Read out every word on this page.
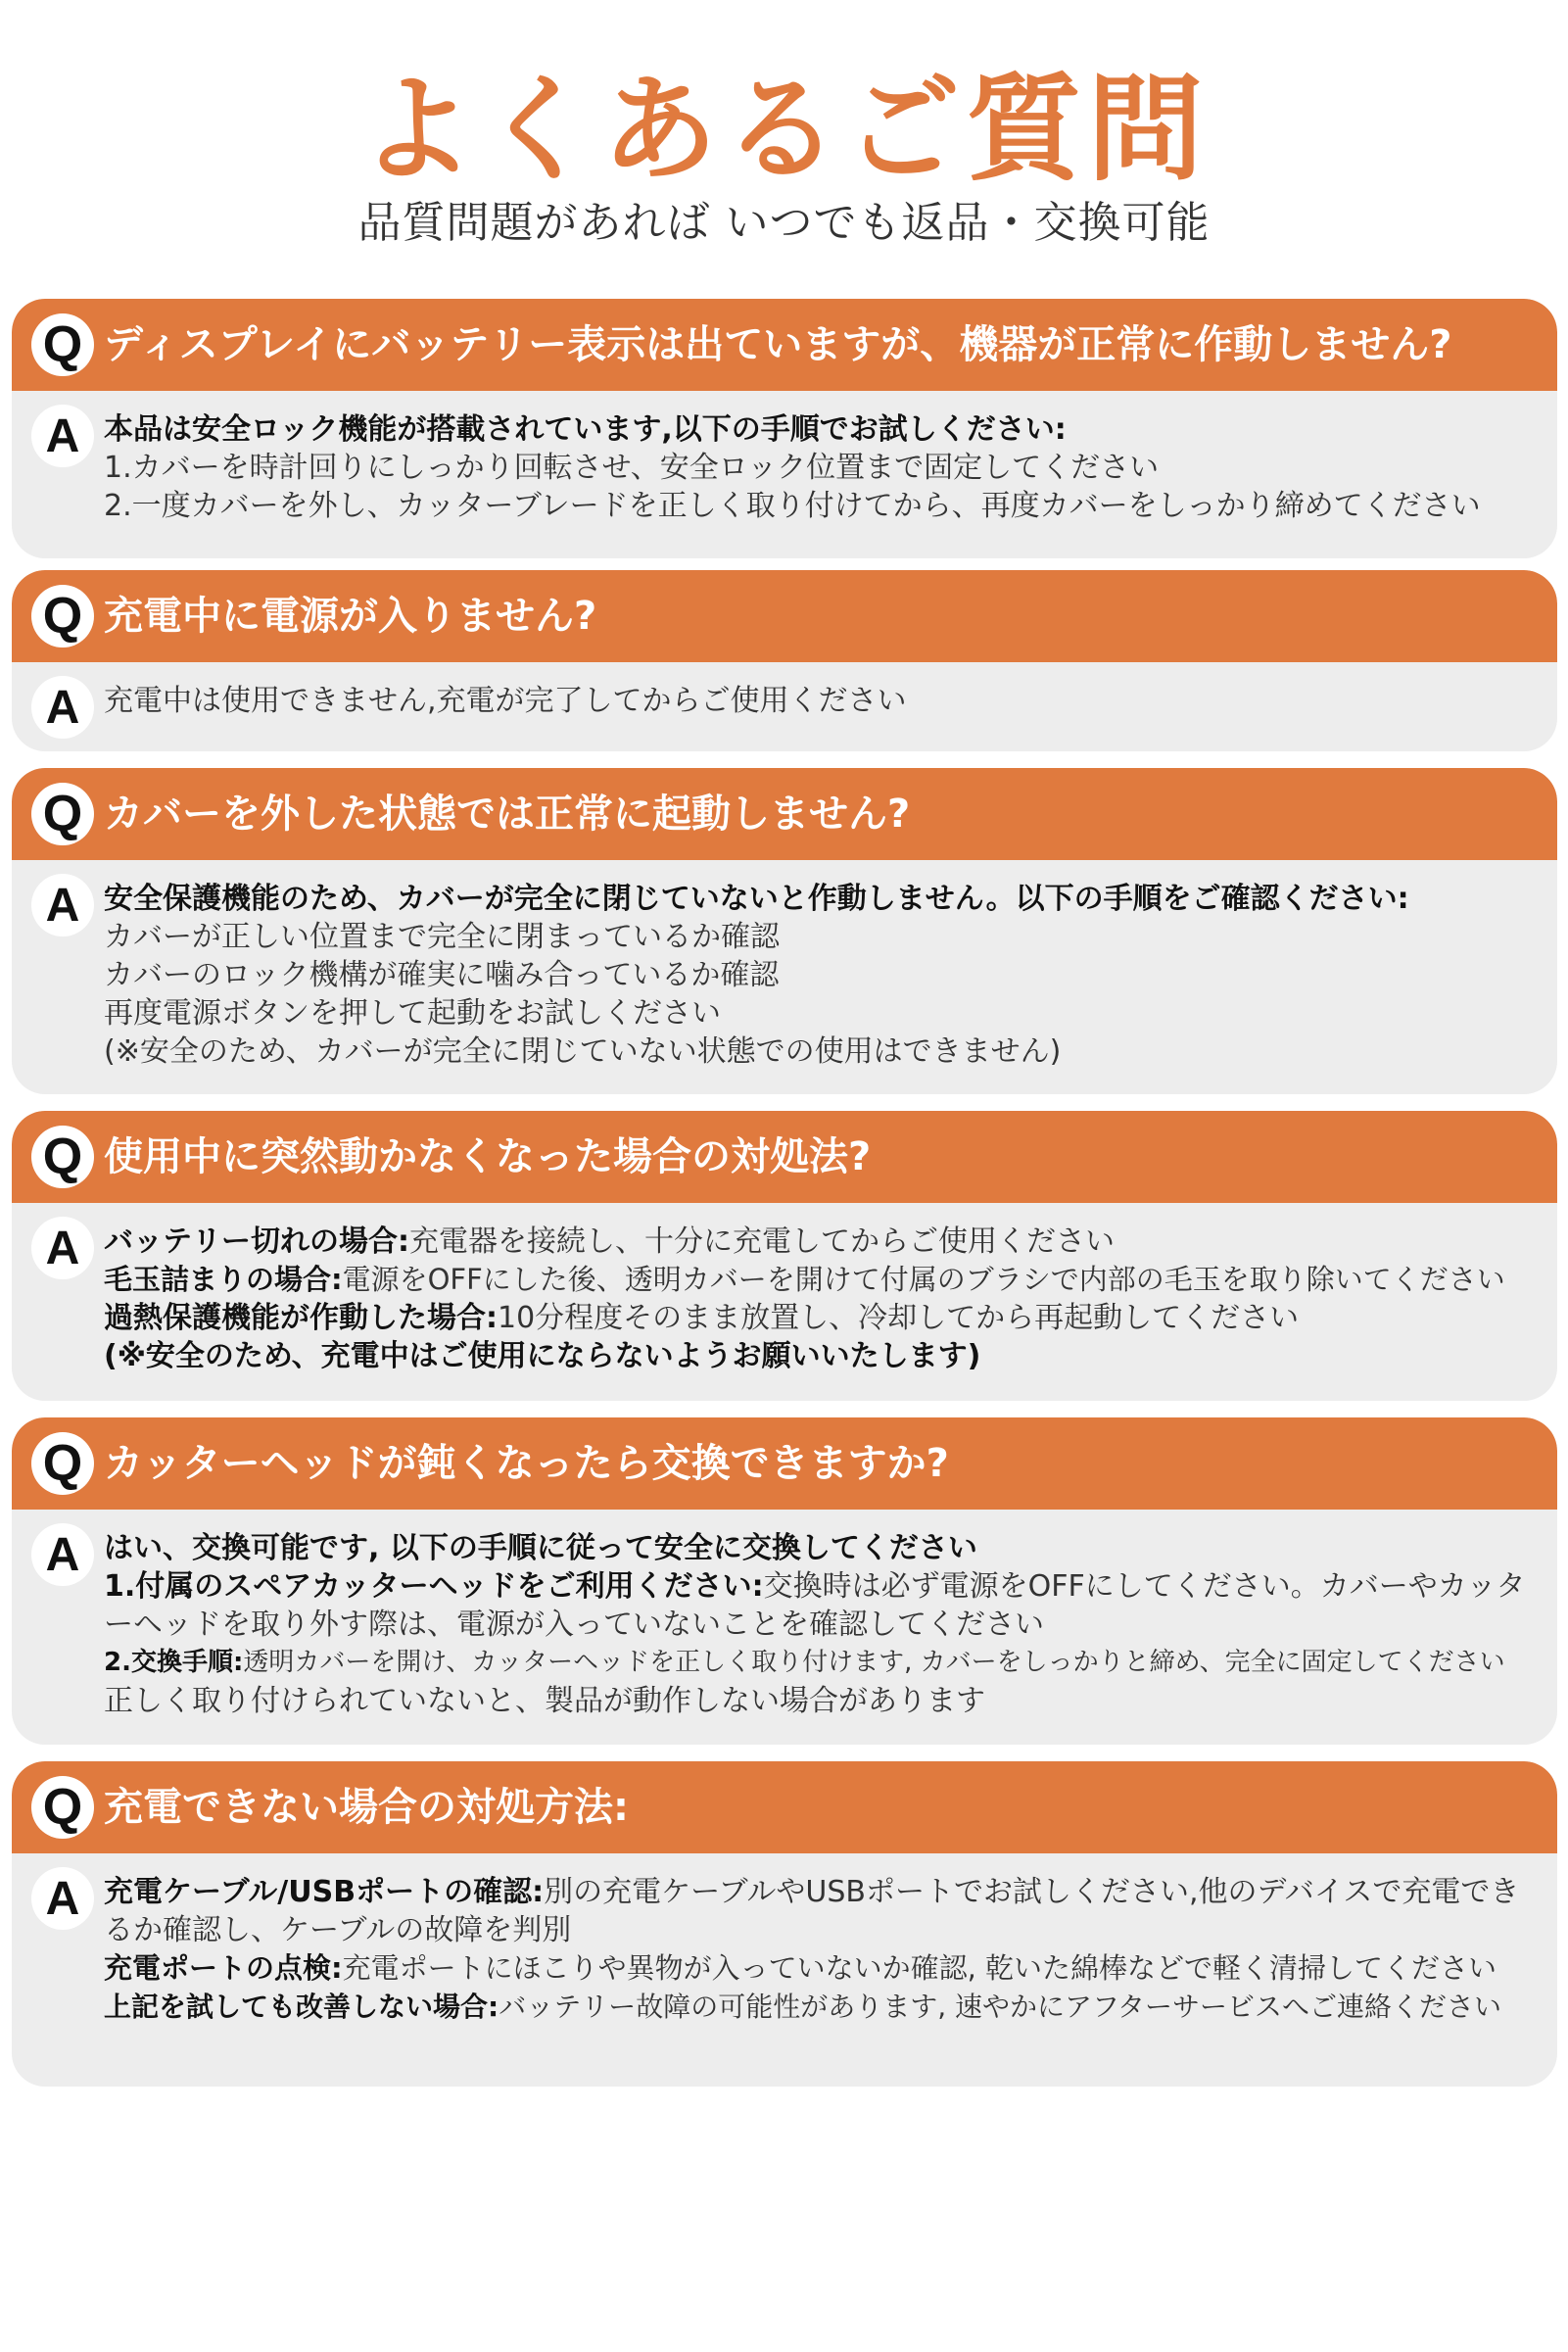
よくあるご質問
品質問題があれば いつでも返品・交換可能
Q ディスプレイにバッテリー表示は出ていますが、機器が正常に作動しません?
A 本品は安全ロック機能が搭載されています,以下の手順でお試しください:
1.カバーを時計回りにしっかり回転させ、安全ロック位置まで固定してください
2.一度カバーを外し、カッターブレードを正しく取り付けてから、再度カバーをしっかり締めてください
Q 充電中に電源が入りません?
A 充電中は使用できません,充電が完了してからご使用ください
Q カバーを外した状態では正常に起動しません?
A 安全保護機能のため、カバーが完全に閉じていないと作動しません。以下の手順をご確認ください:
カバーが正しい位置まで完全に閉まっているか確認
カバーのロック機構が確実に噛み合っているか確認
再度電源ボタンを押して起動をお試しください
(※安全のため、カバーが完全に閉じていない状態での使用はできません)
Q 使用中に突然動かなくなった場合の対処法?
A バッテリー切れの場合:充電器を接続し、十分に充電してからご使用ください
毛玉詰まりの場合:電源をOFFにした後、透明カバーを開けて付属のブラシで内部の毛玉を取り除いてください
過熱保護機能が作動した場合:10分程度そのまま放置し、冷却してから再起動してください
(※安全のため、充電中はご使用にならないようお願いいたします)
Q カッターヘッドが鈍くなったら交換できますか?
A はい、交換可能です, 以下の手順に従って安全に交換してください
1.付属のスペアカッターヘッドをご利用ください:交換時は必ず電源をOFFにしてください。カバーやカッターヘッドを取り外す際は、電源が入っていないことを確認してください
2.交換手順:透明カバーを開け、カッターヘッドを正しく取り付けます, カバーをしっかりと締め、完全に固定してください
正しく取り付けられていないと、製品が動作しない場合があります
Q 充電できない場合の対処方法:
A 充電ケーブル/USBポートの確認:別の充電ケーブルやUSBポートでお試しください,他のデバイスで充電できるか確認し、ケーブルの故障を判別
充電ポートの点検:充電ポートにほこりや異物が入っていないか確認, 乾いた綿棒などで軽く清掃してください
上記を試しても改善しない場合:バッテリー故障の可能性があります, 速やかにアフターサービスへご連絡ください
